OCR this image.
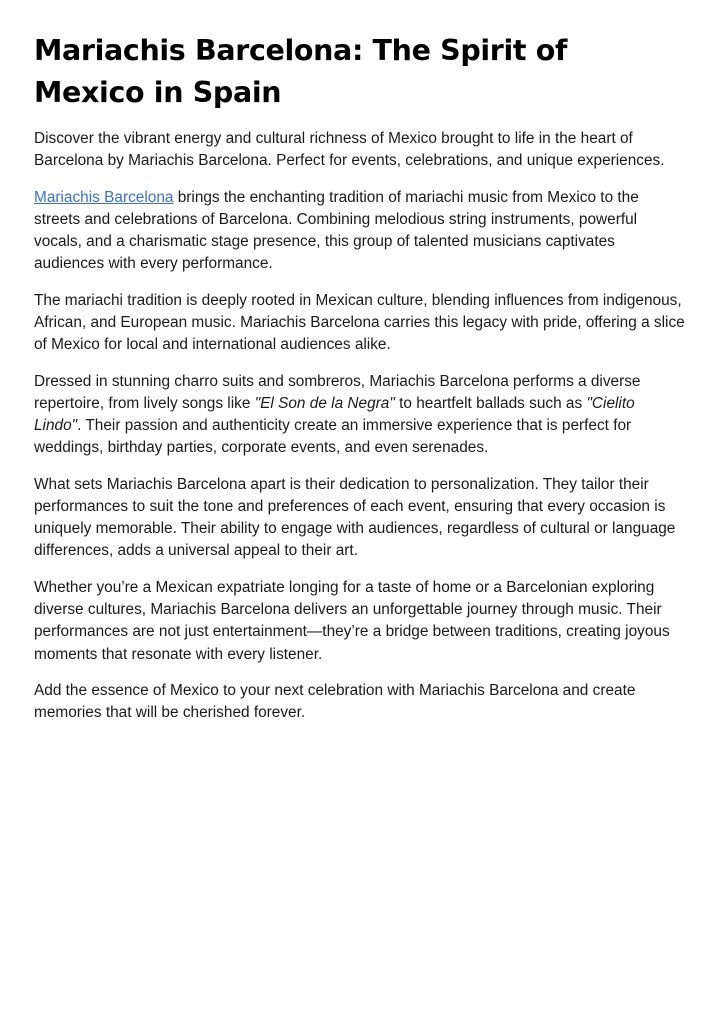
Mariachis Barcelona: The Spirit of Mexico in Spain

Discover the vibrant energy and cultural richness of Mexico brought to life in the heart of Barcelona by Mariachis Barcelona. Perfect for events, celebrations, and unique experiences.

Mariachis Barcelona brings the enchanting tradition of mariachi music from Mexico to the streets and celebrations of Barcelona. Combining melodious string instruments, powerful vocals, and a charismatic stage presence, this group of talented musicians captivates audiences with every performance.

The mariachi tradition is deeply rooted in Mexican culture, blending influences from indigenous, African, and European music. Mariachis Barcelona carries this legacy with pride, offering a slice of Mexico for local and international audiences alike.

Dressed in stunning charro suits and sombreros, Mariachis Barcelona performs a diverse repertoire, from lively songs like "El Son de la Negra" to heartfelt ballads such as "Cielito Lindo". Their passion and authenticity create an immersive experience that is perfect for weddings, birthday parties, corporate events, and even serenades.

What sets Mariachis Barcelona apart is their dedication to personalization. They tailor their performances to suit the tone and preferences of each event, ensuring that every occasion is uniquely memorable. Their ability to engage with audiences, regardless of cultural or language differences, adds a universal appeal to their art.

Whether you’re a Mexican expatriate longing for a taste of home or a Barcelonian exploring diverse cultures, Mariachis Barcelona delivers an unforgettable journey through music. Their performances are not just entertainment—they’re a bridge between traditions, creating joyous moments that resonate with every listener.

Add the essence of Mexico to your next celebration with Mariachis Barcelona and create memories that will be cherished forever.
